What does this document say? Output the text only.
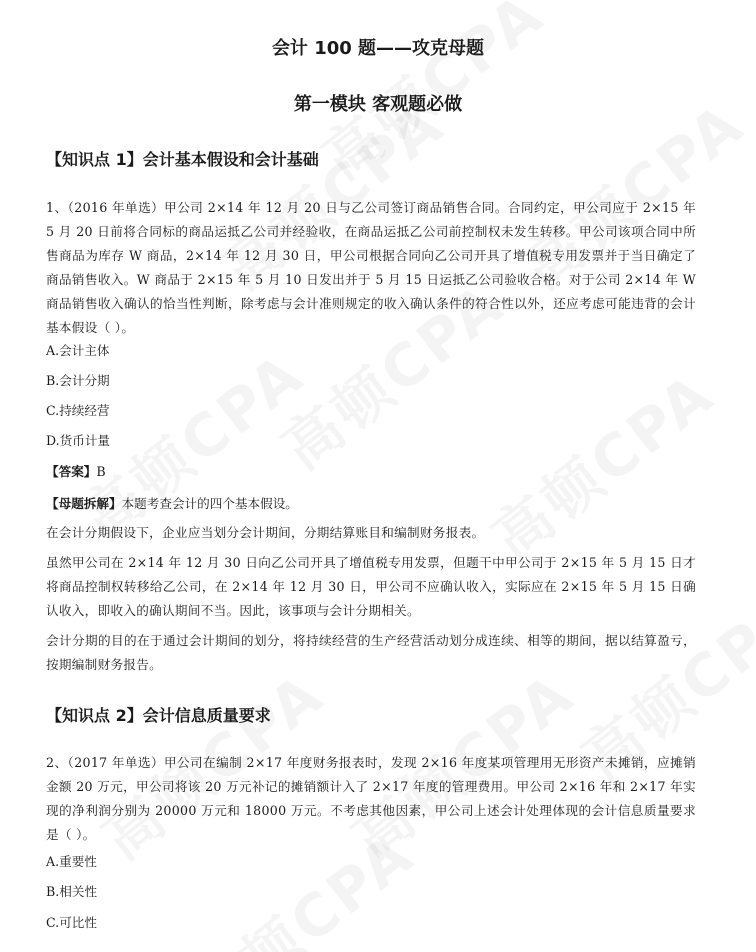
会计 100 题——攻克母题
第一模块 客观题必做
【知识点 1】会计基本假设和会计基础

1、（2016 年单选）甲公司 2×14 年 12 月 20 日与乙公司签订商品销售合同。合同约定，甲公司应于 2×15 年 5 月 20 日前将合同标的商品运抵乙公司并经验收，在商品运抵乙公司前控制权未发生转移。甲公司该项合同中所售商品为库存 W 商品，2×14 年 12 月 30 日，甲公司根据合同向乙公司开具了增值税专用发票并于当日确定了商品销售收入。W 商品于 2×15 年 5 月 10 日发出并于 5 月 15 日运抵乙公司验收合格。对于公司 2×14 年 W 商品销售收入确认的恰当性判断，除考虑与会计准则规定的收入确认条件的符合性以外，还应考虑可能违背的会计基本假设（ ）。

A.会计主体

B.会计分期

C.持续经营

D.货币计量

【答案】B

【母题拆解】本题考查会计的四个基本假设。

在会计分期假设下，企业应当划分会计期间，分期结算账目和编制财务报表。

虽然甲公司在 2×14 年 12 月 30 日向乙公司开具了增值税专用发票，但题干中甲公司于 2×15 年 5 月 15 日才将商品控制权转移给乙公司，在 2×14 年 12 月 30 日，甲公司不应确认收入，实际应在 2×15 年 5 月 15 日确认收入，即收入的确认期间不当。因此，该事项与会计分期相关。

会计分期的目的在于通过会计期间的划分，将持续经营的生产经营活动划分成连续、相等的期间，据以结算盈亏，按期编制财务报告。

【知识点 2】会计信息质量要求

2、（2017 年单选）甲公司在编制 2×17 年度财务报表时，发现 2×16 年度某项管理用无形资产未摊销，应摊销金额 20 万元，甲公司将该 20 万元补记的摊销额计入了 2×17 年度的管理费用。甲公司 2×16 年和 2×17 年实现的净利润分别为 20000 万元和 18000 万元。不考虑其他因素，甲公司上述会计处理体现的会计信息质量要求是（ ）。

A.重要性

B.相关性

C.可比性
